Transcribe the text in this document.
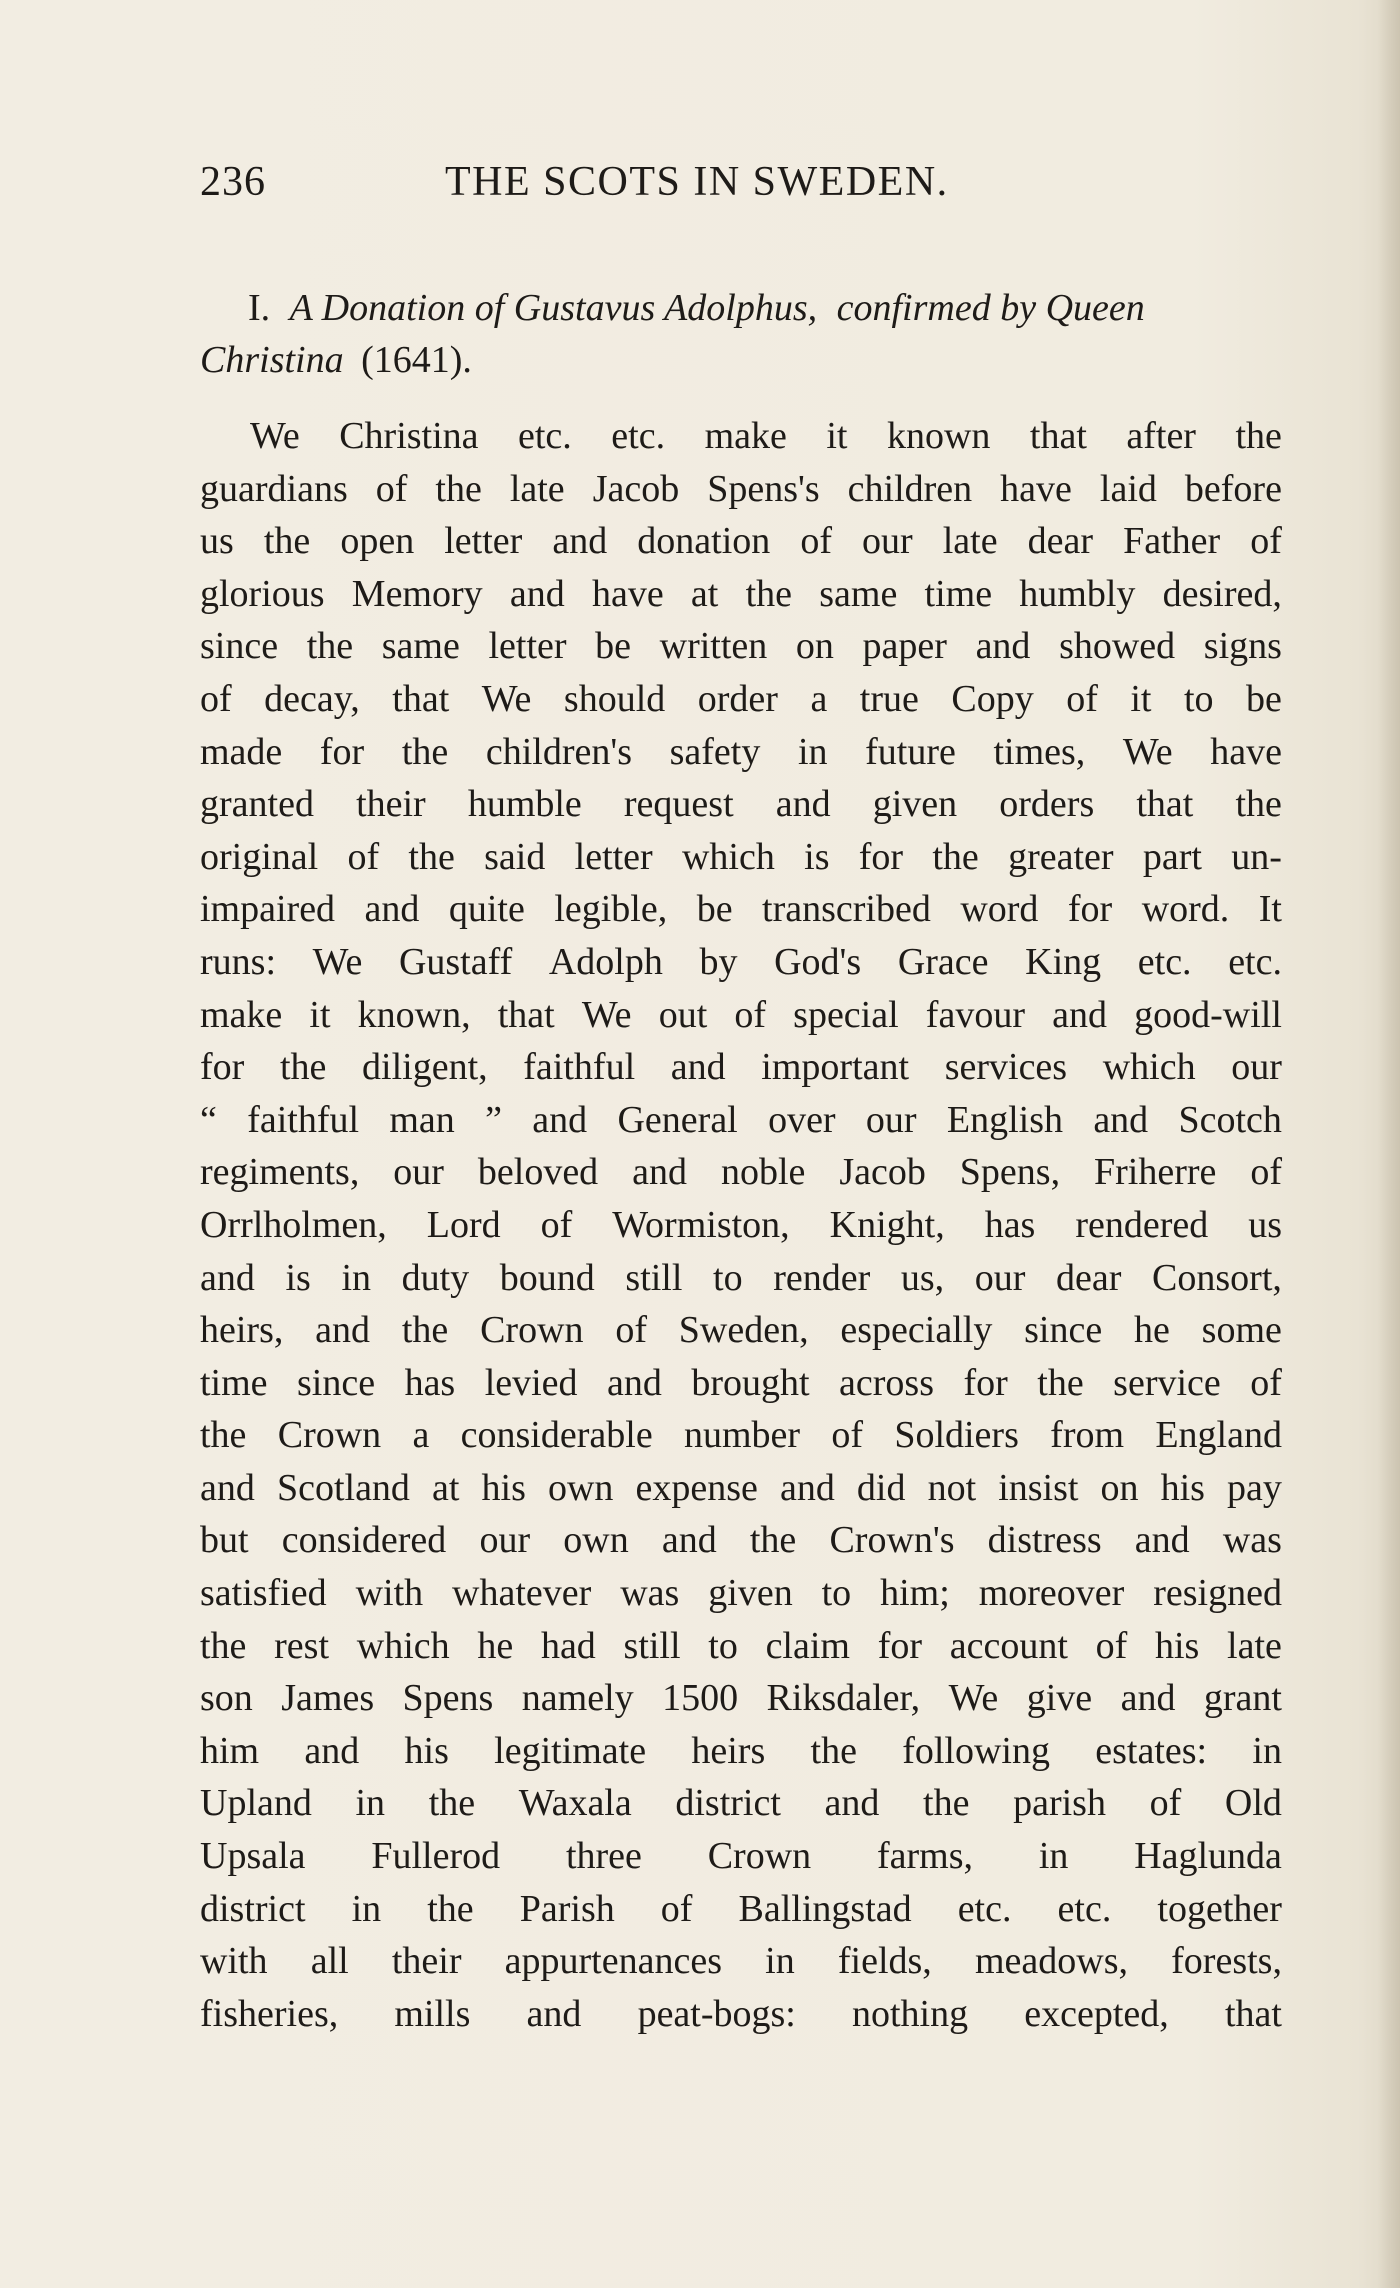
236	THE SCOTS IN SWEDEN.
I. A Donation of Gustavus Adolphus, confirmed by Queen
Christina (1641).
We Christina etc. etc. make it known that after the
guardians of the late Jacob Spens's children have laid before
us the open letter and donation of our late dear Father of
glorious Memory and have at the same time humbly desired,
since the same letter be written on paper and showed signs
of decay, that We should order a true Copy of it to be
made for the children's safety in future times, We have
granted their humble request and given orders that the
original of the said letter which is for the greater part un-
impaired and quite legible, be transcribed word for word. It
runs: We Gustaff Adolph by God's Grace King etc. etc.
make it known, that We out of special favour and good-will
for the diligent, faithful and important services which our
“ faithful man ” and General over our English and Scotch
regiments, our beloved and noble Jacob Spens, Friherre of
Orrlholmen, Lord of Wormiston, Knight, has rendered us
and is in duty bound still to render us, our dear Consort,
heirs, and the Crown of Sweden, especially since he some
time since has levied and brought across for the service of
the Crown a considerable number of Soldiers from England
and Scotland at his own expense and did not insist on his pay
but considered our own and the Crown's distress and was
satisfied with whatever was given to him; moreover resigned
the rest which he had still to claim for account of his late
son James Spens namely 1500 Riksdaler, We give and grant
him and his legitimate heirs the following estates: in
Upland in the Waxala district and the parish of Old
Upsala Fullerod three Crown farms, in Haglunda
district in the Parish of Ballingstad etc. etc. together
with all their appurtenances in fields, meadows, forests,
fisheries, mills and peat-bogs: nothing excepted, that
